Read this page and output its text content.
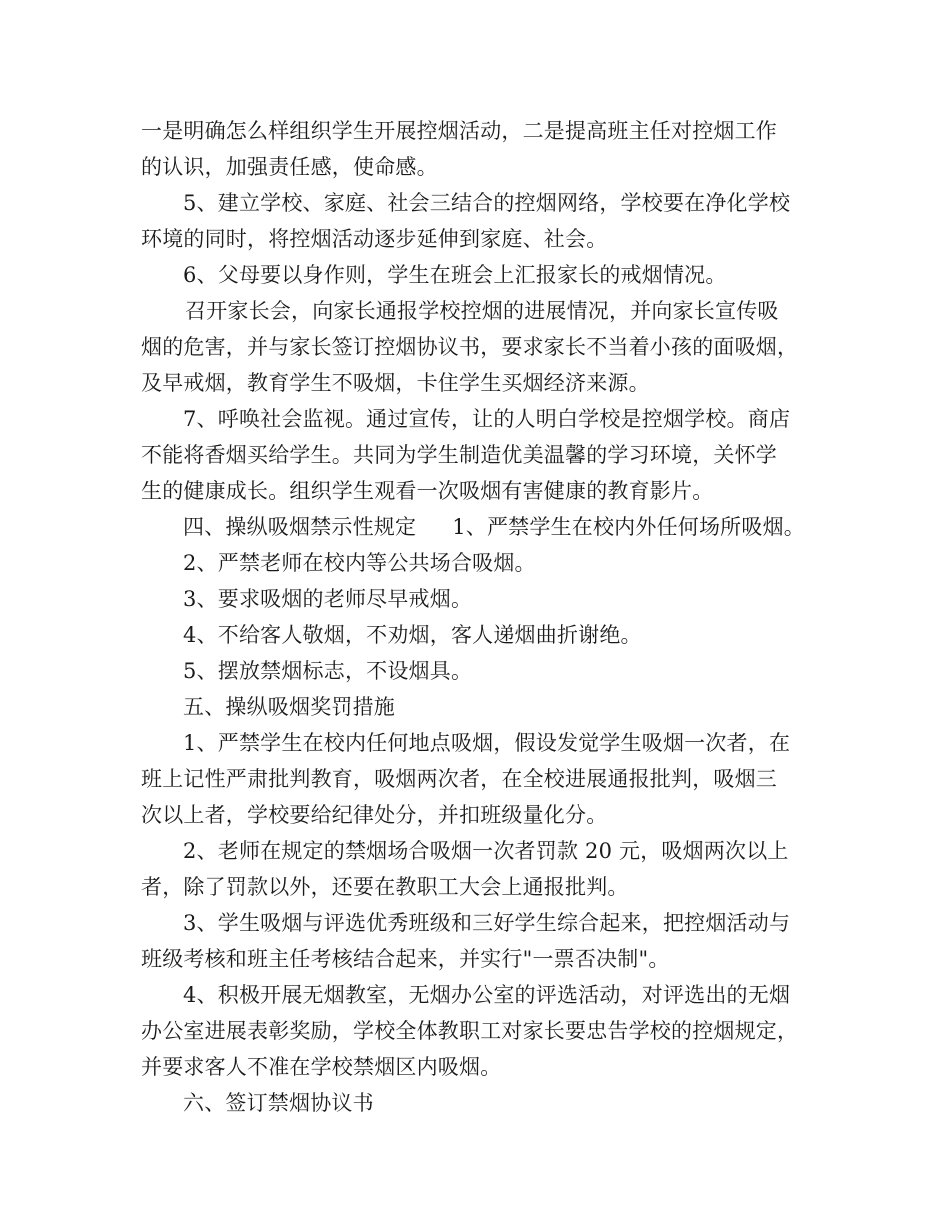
一是明确怎么样组织学生开展控烟活动，二是提高班主任对控烟工作
的认识，加强责任感，使命感。
5、建立学校、家庭、社会三结合的控烟网络，学校要在净化学校
环境的同时，将控烟活动逐步延伸到家庭、社会。
6、父母要以身作则，学生在班会上汇报家长的戒烟情况。
召开家长会，向家长通报学校控烟的进展情况，并向家长宣传吸
烟的危害，并与家长签订控烟协议书，要求家长不当着小孩的面吸烟，
及早戒烟，教育学生不吸烟，卡住学生买烟经济来源。
7、呼唤社会监视。通过宣传，让的人明白学校是控烟学校。商店
不能将香烟买给学生。共同为学生制造优美温馨的学习环境，关怀学
生的健康成长。组织学生观看一次吸烟有害健康的教育影片。
四、操纵吸烟禁示性规定 1、严禁学生在校内外任何场所吸烟。
2、严禁老师在校内等公共场合吸烟。
3、要求吸烟的老师尽早戒烟。
4、不给客人敬烟，不劝烟，客人递烟曲折谢绝。
5、摆放禁烟标志，不设烟具。
五、操纵吸烟奖罚措施
1、严禁学生在校内任何地点吸烟，假设发觉学生吸烟一次者，在
班上记性严肃批判教育，吸烟两次者，在全校进展通报批判，吸烟三
次以上者，学校要给纪律处分，并扣班级量化分。
2、老师在规定的禁烟场合吸烟一次者罚款 20 元，吸烟两次以上
者，除了罚款以外，还要在教职工大会上通报批判。
3、学生吸烟与评选优秀班级和三好学生综合起来，把控烟活动与
班级考核和班主任考核结合起来，并实行"一票否决制"。
4、积极开展无烟教室，无烟办公室的评选活动，对评选出的无烟
办公室进展表彰奖励，学校全体教职工对家长要忠告学校的控烟规定，
并要求客人不准在学校禁烟区内吸烟。
六、签订禁烟协议书
